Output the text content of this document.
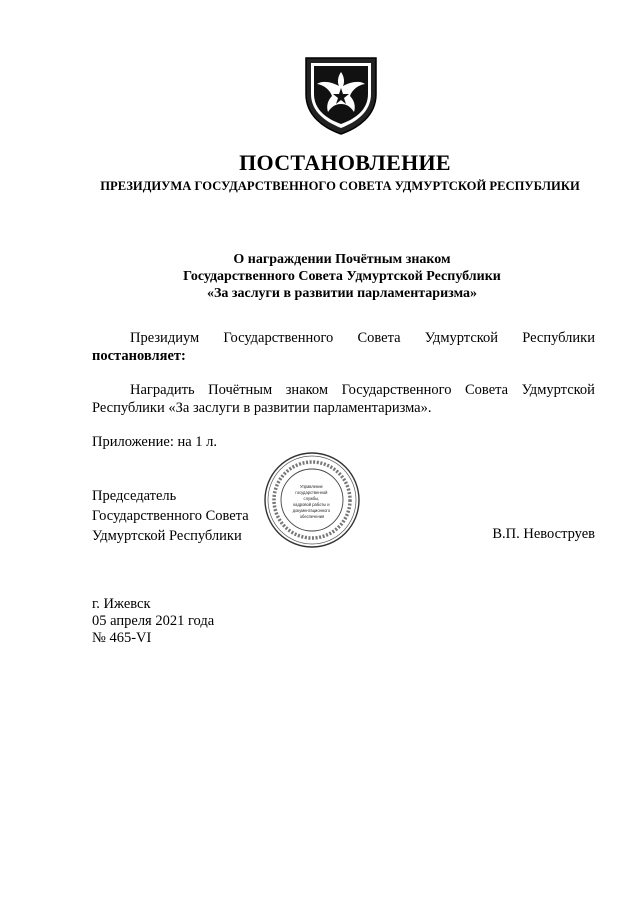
ПОСТАНОВЛЕНИЕ
ПРЕЗИДИУМА ГОСУДАРСТВЕННОГО СОВЕТА УДМУРТСКОЙ РЕСПУБЛИКИ
О награждении Почётным знаком
Государственного Совета Удмуртской Республики
«За заслуги в развитии парламентаризма»
Президиум Государственного Совета Удмуртской Республики
постановляет:
Наградить Почётным знаком Государственного Совета Удмуртской
Республики «За заслуги в развитии парламентаризма».
Приложение: на 1 л.
Управление государственной службы, кадровой работы и документационного обеспечения
Председатель
Государственного Совета
Удмуртской Республики	В.П. Невоструев
г. Ижевск
05 апреля 2021 года
№ 465-VI
